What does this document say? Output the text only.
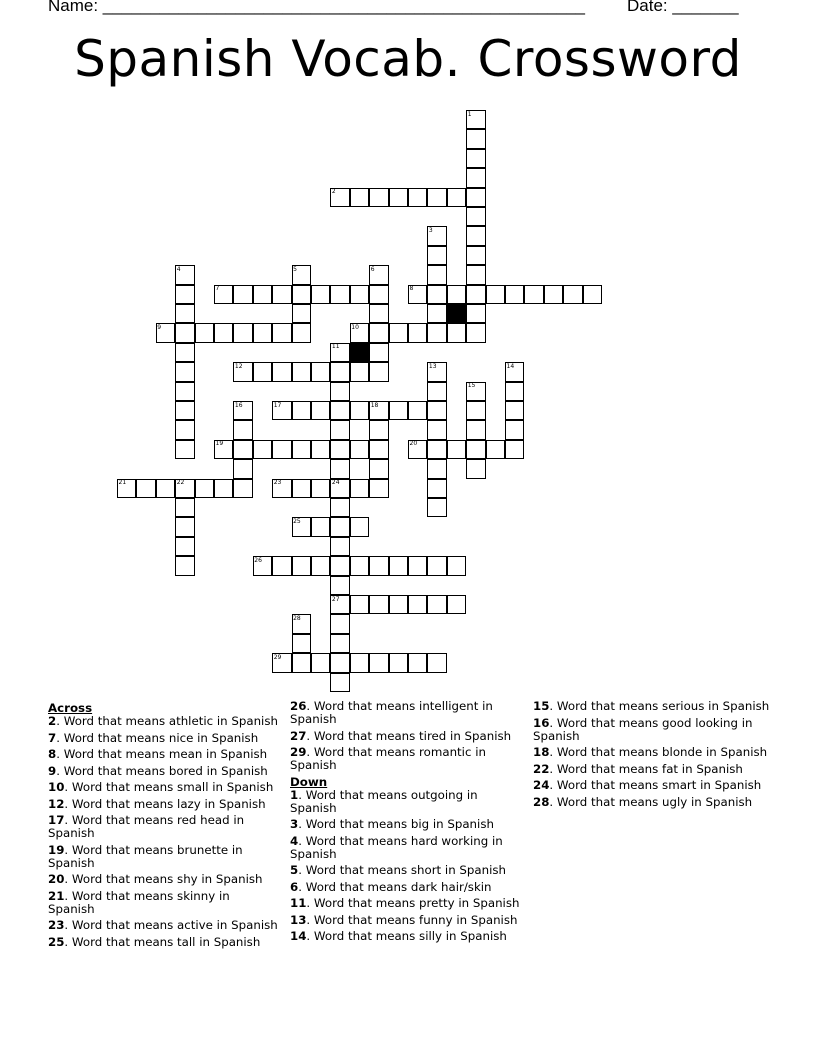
Name: ___________________________________________________ Date: _______
Spanish Vocab. Crossword
1
2
3
4	5	6
7	8
9	10
11
12	13	14
15
16	17	18
19	20
21	22	23	24
25
26
27
28
29
Across
2. Word that means athletic in Spanish
7. Word that means nice in Spanish
8. Word that means mean in Spanish
9. Word that means bored in Spanish
10. Word that means small in Spanish
12. Word that means lazy in Spanish
17. Word that means red head in Spanish
19. Word that means brunette in Spanish
20. Word that means shy in Spanish
21. Word that means skinny in Spanish
23. Word that means active in Spanish
25. Word that means tall in Spanish
26. Word that means intelligent in Spanish
27. Word that means tired in Spanish
29. Word that means romantic in Spanish
Down
1. Word that means outgoing in Spanish
3. Word that means big in Spanish
4. Word that means hard working in Spanish
5. Word that means short in Spanish
6. Word that means dark hair/skin
11. Word that means pretty in Spanish
13. Word that means funny in Spanish
14. Word that means silly in Spanish
15. Word that means serious in Spanish
16. Word that means good looking in Spanish
18. Word that means blonde in Spanish
22. Word that means fat in Spanish
24. Word that means smart in Spanish
28. Word that means ugly in Spanish
